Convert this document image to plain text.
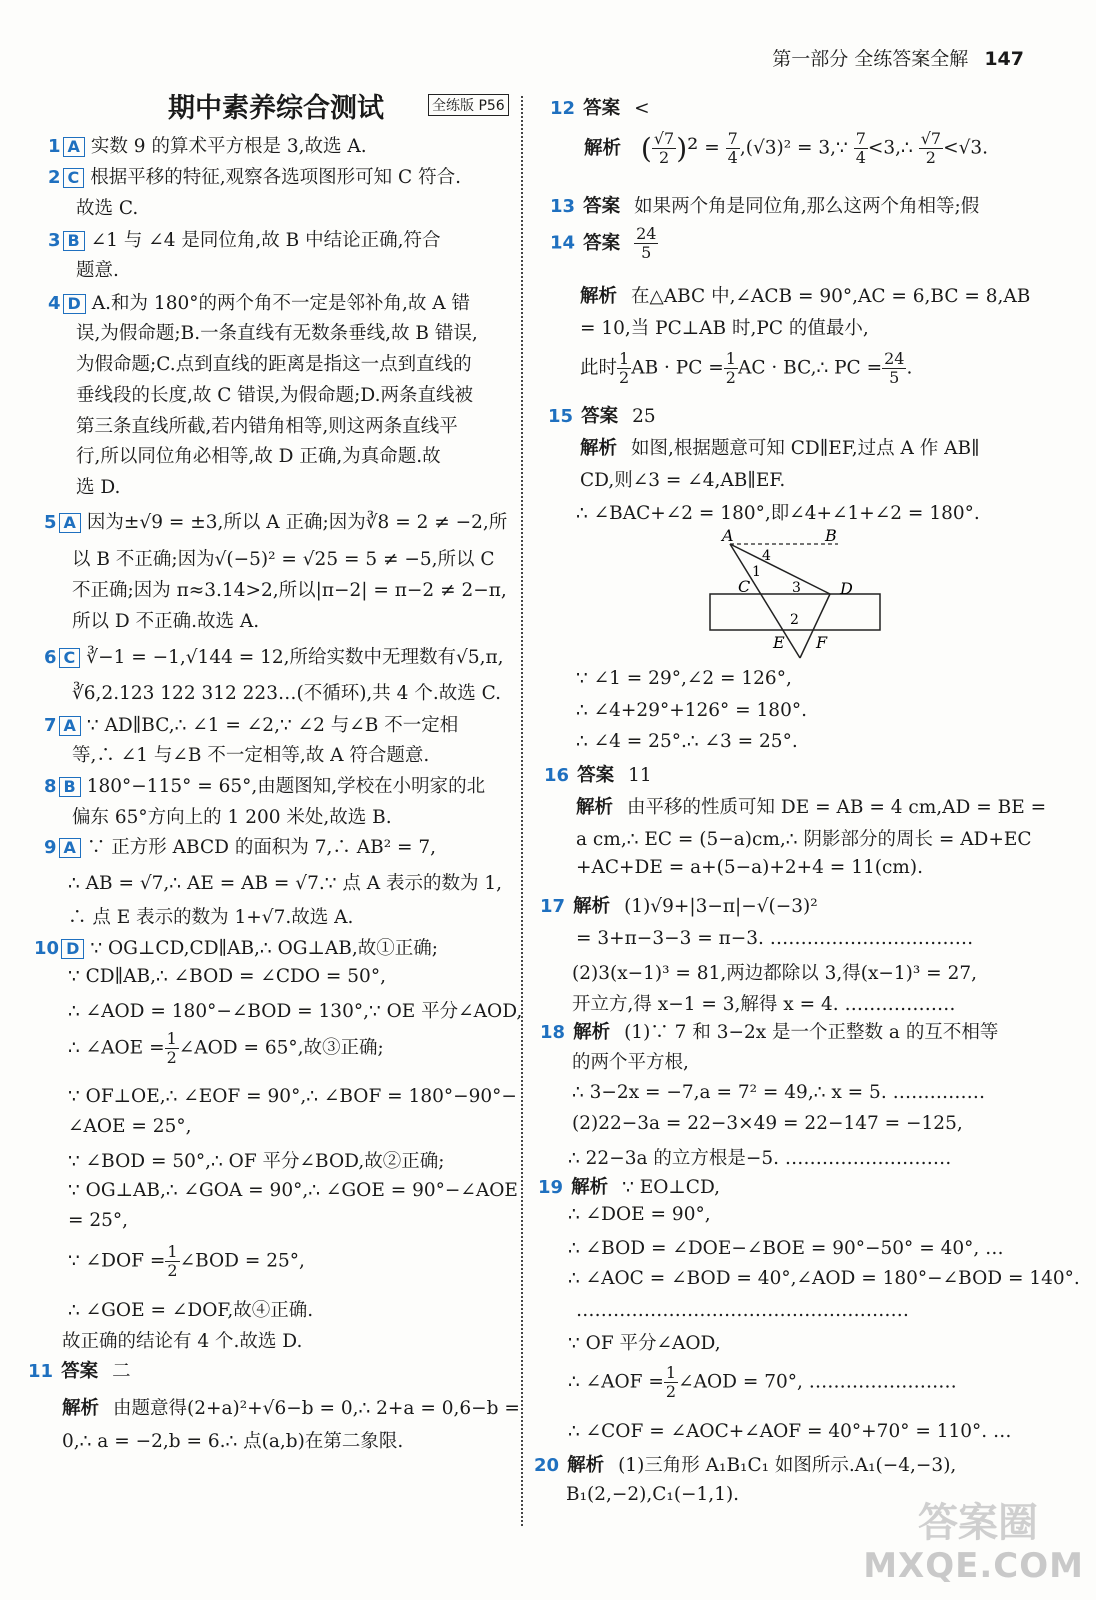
第一部分 全练答案全解 147
期中素养综合测试	全练版 P56
1 A 实数 9 的算术平方根是 3,故选 A.
2 C 根据平移的特征,观察各选项图形可知 C 符合.
故选 C.
3 B ∠1 与 ∠4 是同位角,故 B 中结论正确,符合
题意.
4 D A.和为 180°的两个角不一定是邻补角,故 A 错
误,为假命题;B.一条直线有无数条垂线,故 B 错误,
为假命题;C.点到直线的距离是指这一点到直线的
垂线段的长度,故 C 错误,为假命题;D.两条直线被
第三条直线所截,若内错角相等,则这两条直线平
行,所以同位角必相等,故 D 正确,为真命题.故
选 D.
5 A 因为±√9 = ±3,所以 A 正确;因为∛8 = 2 ≠ −2,所
以 B 不正确;因为√(−5)² = √25 = 5 ≠ −5,所以 C
不正确;因为 π≈3.14>2,所以|π−2| = π−2 ≠ 2−π,
所以 D 不正确.故选 A.
6 C ∛−1 = −1,√144 = 12,所给实数中无理数有√5,π,
∛6,2.123 122 312 223…(不循环),共 4 个.故选 C.
7 A ∵ AD∥BC,∴ ∠1 = ∠2,∵ ∠2 与∠B 不一定相
等,∴ ∠1 与∠B 不一定相等,故 A 符合题意.
8 B 180°−115° = 65°,由题图知,学校在小明家的北
偏东 65°方向上的 1 200 米处,故选 B.
9 A ∵ 正方形 ABCD 的面积为 7,∴ AB² = 7,
∴ AB = √7,∴ AE = AB = √7.∵ 点 A 表示的数为 1,
∴ 点 E 表示的数为 1+√7.故选 A.
10 D ∵ OG⊥CD,CD∥AB,∴ OG⊥AB,故①正确;
∵ CD∥AB,∴ ∠BOD = ∠CDO = 50°,
∴ ∠AOD = 180°−∠BOD = 130°,∵ OE 平分∠AOD,
∴ ∠AOE = $\frac{1}{2}$ ∠AOD = 65°,故③正确;
∵ OF⊥OE,∴ ∠EOF = 90°,∴ ∠BOF = 180°−90°−
∠AOE = 25°,
∵ ∠BOD = 50°,∴ OF 平分∠BOD,故②正确;
∵ OG⊥AB,∴ ∠GOA = 90°,∴ ∠GOE = 90°−∠AOE
= 25°,
∵ ∠DOF = $\frac{1}{2}$ ∠BOD = 25°,
∴ ∠GOE = ∠DOF,故④正确.
故正确的结论有 4 个.故选 D.
11 答案 二
解析 由题意得(2+a)²+√6−b = 0,∴ 2+a = 0,6−b =
0,∴ a = −2,b = 6.∴ 点(a,b)在第二象限.
12 答案 <
解析 ( $\frac{√7}{2} )^2 = \frac{7}{4} ,(√3)^2$ = 3,∵ $\frac{7}{4}$ <3,∴ $\frac{√7}{2} <√3$.
13 答案 如果两个角是同位角,那么这两个角相等;假
14 答案 $\frac{24}{5}$
解析 在△ABC 中,∠ACB = 90°,AC = 6,BC = 8,AB
= 10,当 PC⊥AB 时,PC 的值最小,
此时 $\frac{1}{2}$ AB · PC = $\frac{1}{2}$ AC · BC,∴ PC = $\frac{24}{5}$ .
15 答案 25
解析 如图,根据题意可知 CD∥EF,过点 A 作 AB∥
CD,则∠3 = ∠4,AB∥EF.
∴ ∠BAC+∠2 = 180°,即∠4+∠1+∠2 = 180°.
A	B
C	D
E F
1
2
3
4
∵ ∠1 = 29°,∠2 = 126°,
∴ ∠4+29°+126° = 180°.
∴ ∠4 = 25°.∴ ∠3 = 25°.
16 答案 11
解析 由平移的性质可知 DE = AB = 4 cm,AD = BE =
a cm,∴ EC = (5−a)cm,∴ 阴影部分的周长 = AD+EC
+AC+DE = a+(5−a)+2+4 = 11(cm).
17 解析 (1)√9+|3−π|−√(−3)²
= 3+π−3−3 = π−3. ……………………………
(2)3(x−1)³ = 81,两边都除以 3,得(x−1)³ = 27,
开立方,得 x−1 = 3,解得 x = 4. ………………
18 解析 (1)∵ 7 和 3−2x 是一个正整数 a 的互不相等
的两个平方根,
∴ 3−2x = −7,a = 7² = 49,∴ x = 5. ……………
(2)22−3a = 22−3×49 = 22−147 = −125,
∴ 22−3a 的立方根是−5. ………………………
19 解析 ∵ EO⊥CD,
∴ ∠DOE = 90°,
∴ ∠BOD = ∠DOE−∠BOE = 90°−50° = 40°, …
∴ ∠AOC = ∠BOD = 40°,∠AOD = 180°−∠BOD = 140°.
………………………………………………
∵ OF 平分∠AOD,
∴ ∠AOF = $\frac{1}{2}$ ∠AOD = 70°, ……………………
∴ ∠COF = ∠AOC+∠AOF = 40°+70° = 110°. …
20 解析 (1)三角形 A₁B₁C₁ 如图所示.A₁(−4,−3),
B₁(2,−2),C₁(−1,1).
答案圈
MXQE.COM
